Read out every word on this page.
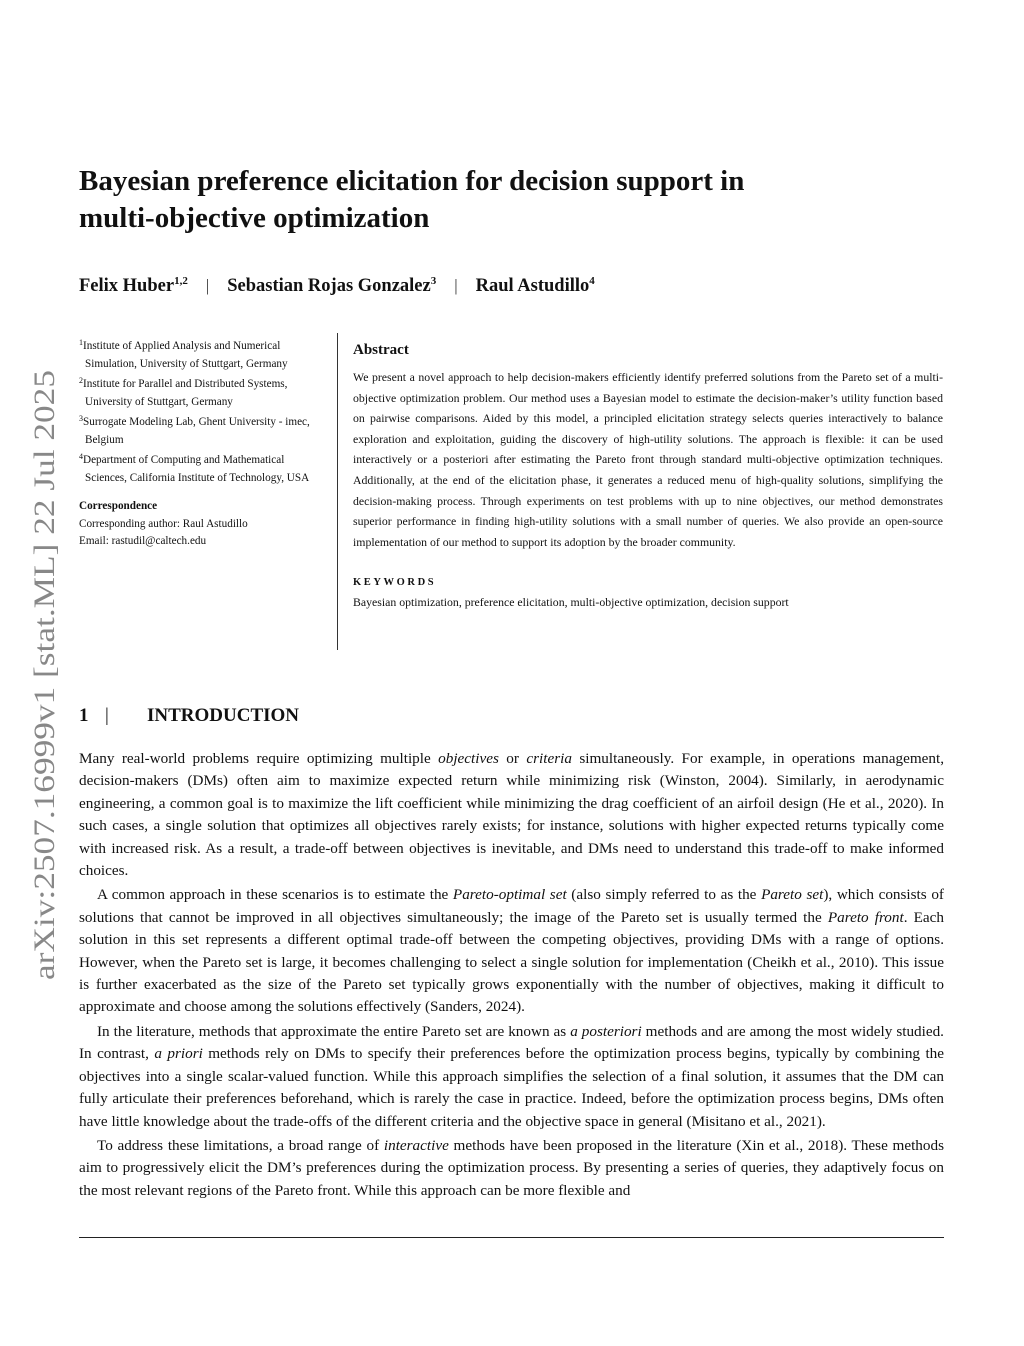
arXiv:2507.16999v1 [stat.ML] 22 Jul 2025
Bayesian preference elicitation for decision support in
multi-objective optimization
Felix Huber$^{1,2}$ | Sebastian Rojas Gonzalez$^3$ | Raul Astudillo$^4$
$^1$Institute of Applied Analysis and Numerical
Simulation, University of Stuttgart, Germany
$^2$Institute for Parallel and Distributed Systems,
University of Stuttgart, Germany
$^3$Surrogate Modeling Lab, Ghent University - imec,
Belgium
$^4$Department of Computing and Mathematical
Sciences, California Institute of Technology, USA
Correspondence
Corresponding author: Raul Astudillo
Email: rastudil@caltech.edu
Abstract
We present a novel approach to help decision-makers efficiently identify preferred solutions from the Pareto set of a multi-objective optimization problem. Our method uses a Bayesian model to estimate the decision-maker’s utility function based on pairwise comparisons. Aided by this model, a principled elicitation strategy selects queries interactively to balance exploration and exploitation, guiding the discovery of high-utility solutions. The approach is flexible: it can be used interactively or a posteriori after estimating the Pareto front through standard multi-objective optimization techniques. Additionally, at the end of the elicitation phase, it generates a reduced menu of high-quality solutions, simplifying the decision-making process. Through experiments on test problems with up to nine objectives, our method demonstrates superior performance in finding high-utility solutions with a small number of queries. We also provide an open-source implementation of our method to support its adoption by the broader community.
KEYWORDS
Bayesian optimization, preference elicitation, multi-objective optimization, decision support
1 | INTRODUCTION

Many real-world problems require optimizing multiple objectives or criteria simultaneously. For example, in operations management, decision-makers (DMs) often aim to maximize expected return while minimizing risk (Winston, 2004). Similarly, in aerodynamic engineering, a common goal is to maximize the lift coefficient while minimizing the drag coefficient of an airfoil design (He et al., 2020). In such cases, a single solution that optimizes all objectives rarely exists; for instance, solutions with higher expected returns typically come with increased risk. As a result, a trade-off between objectives is inevitable, and DMs need to understand this trade-off to make informed choices.

A common approach in these scenarios is to estimate the Pareto-optimal set (also simply referred to as the Pareto set), which consists of solutions that cannot be improved in all objectives simultaneously; the image of the Pareto set is usually termed the Pareto front. Each solution in this set represents a different optimal trade-off between the competing objectives, providing DMs with a range of options. However, when the Pareto set is large, it becomes challenging to select a single solution for implementation (Cheikh et al., 2010). This issue is further exacerbated as the size of the Pareto set typically grows exponentially with the number of objectives, making it difficult to approximate and choose among the solutions effectively (Sanders, 2024).

In the literature, methods that approximate the entire Pareto set are known as a posteriori methods and are among the most widely studied. In contrast, a priori methods rely on DMs to specify their preferences before the optimization process begins, typically by combining the objectives into a single scalar-valued function. While this approach simplifies the selection of a final solution, it assumes that the DM can fully articulate their preferences beforehand, which is rarely the case in practice. Indeed, before the optimization process begins, DMs often have little knowledge about the trade-offs of the different criteria and the objective space in general (Misitano et al., 2021).

To address these limitations, a broad range of interactive methods have been proposed in the literature (Xin et al., 2018). These methods aim to progressively elicit the DM’s preferences during the optimization process. By presenting a series of queries, they adaptively focus on the most relevant regions of the Pareto front. While this approach can be more flexible and
